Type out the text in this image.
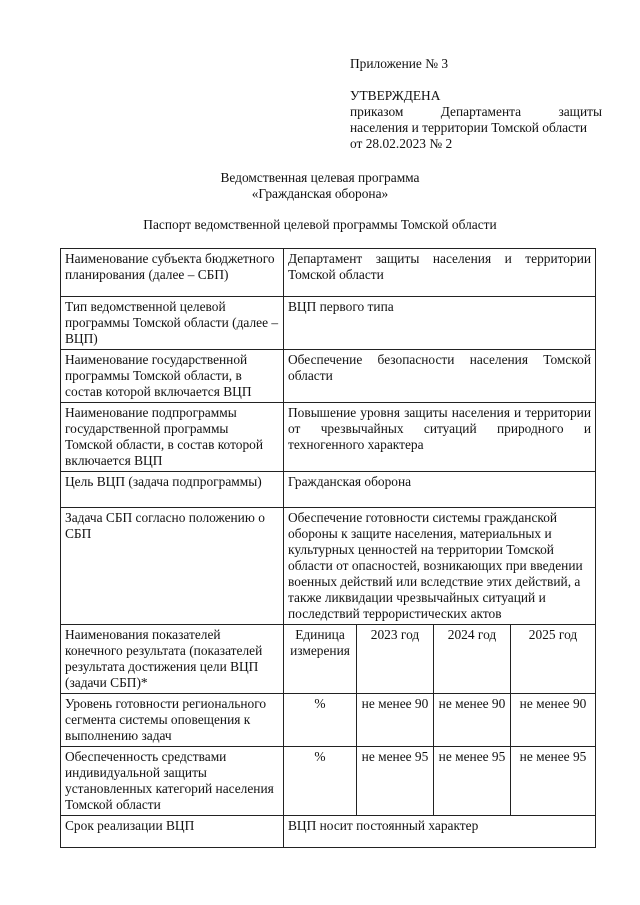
Приложение № 3
УТВЕРЖДЕНА
приказом	Департамента	защиты
населения и территории Томской области
от 28.02.2023 № 2
Ведомственная целевая программа
«Гражданская оборона»
Паспорт ведомственной целевой программы Томской области
Наименование субъекта бюджетного планирования (далее – СБП)	Департамент защиты населения и территории Томской области			
Тип ведомственной целевой программы Томской области (далее – ВЦП)	ВЦП первого типа			
Наименование государственной программы Томской области, в состав которой включается ВЦП	Обеспечение безопасности населения Томской области			
Наименование подпрограммы государственной программы Томской области, в состав которой включается ВЦП	Повышение уровня защиты населения и территории от чрезвычайных ситуаций природного и техногенного характера			
Цель ВЦП (задача подпрограммы)	Гражданская оборона			
Задача СБП согласно положению о СБП	Обеспечение готовности системы гражданской обороны к защите населения, материальных и культурных ценностей на территории Томской области от опасностей, возникающих при введении военных действий или вследствие этих действий, а также ликвидации чрезвычайных ситуаций и последствий террористических актов			
Наименования показателей конечного результата (показателей результата достижения цели ВЦП (задачи СБП)*	Единица измерения	2023 год	2024 год	2025 год
Уровень готовности регионального сегмента системы оповещения к выполнению задач	%	не менее 90	не менее 90	не менее 90
Обеспеченность средствами индивидуальной защиты установленных категорий населения Томской области	%	не менее 95	не менее 95	не менее 95
Срок реализации ВЦП	ВЦП носит постоянный характер			
